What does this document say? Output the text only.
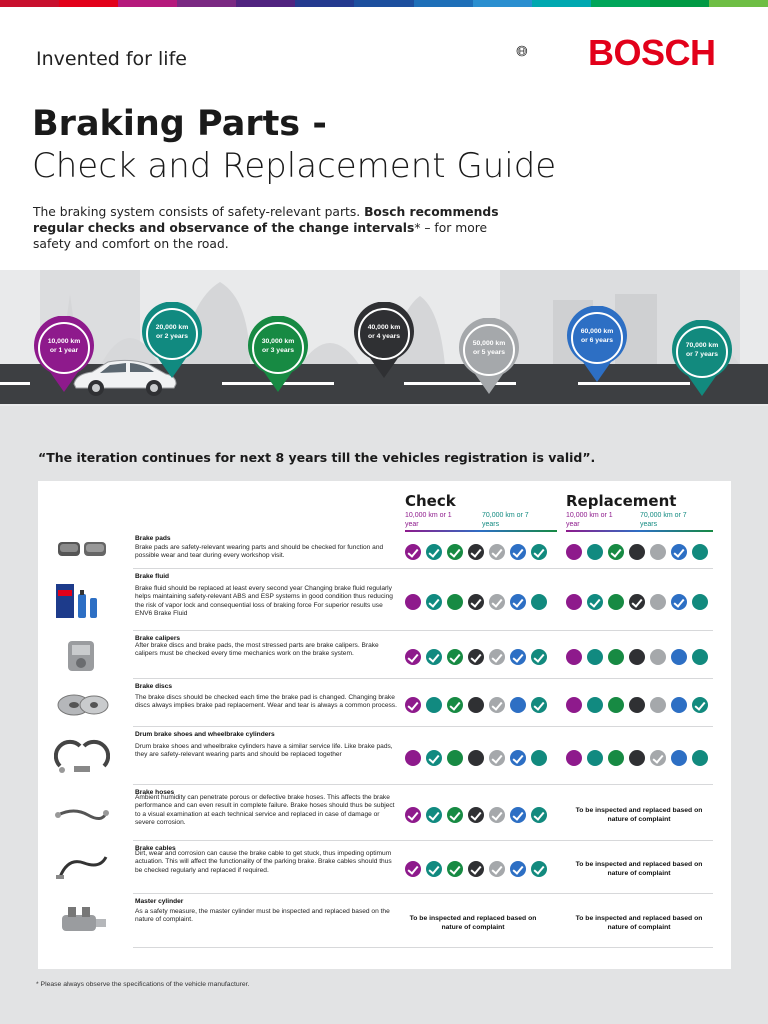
Invented for life	BOSCH
Braking Parts -
Check and Replacement Guide
The braking system consists of safety-relevant parts. Bosch recommends regular checks and observance of the change intervals* – for more safety and comfort on the road.
10,000 km
or 1 year
20,000 km
or 2 years
30,000 km
or 3 years
40,000 km
or 4 years
50,000 km
or 5 years
60,000 km
or 6 years
70,000 km
or 7 years
“The iteration continues for next 8 years till the vehicles registration is valid”.
Check
10,000 km or 1 year
70,000 km or 7 years
Replacement
10,000 km or 1 year
70,000 km or 7 years
Brake pads
Brake pads are safety-relevant wearing parts and should be checked for function and possible wear and tear during every workshop visit.
Brake fluid
Brake fluid should be replaced at least every second year Changing brake fluid regularly helps maintaining safety-relevant ABS and ESP systems in good condition thus reducing the risk of vapor lock and consequential loss of braking force For superior results use ENV6 Brake Fluid
Brake calipers
After brake discs and brake pads, the most stressed parts are brake calipers. Brake calipers must be checked every time mechanics work on the brake system.
Brake discs
The brake discs should be checked each time the brake pad is changed. Changing brake discs always implies brake pad replacement. Wear and tear is always a common process.
Drum brake shoes and wheelbrake cylinders
Drum brake shoes and wheelbrake cylinders have a similar service life. Like brake pads, they are safety-relevant wearing parts and should be replaced together
Brake hoses
Ambient humidity can penetrate porous or defective brake hoses. This affects the brake performance and can even result in complete failure. Brake hoses should thus be subject to a visual examination at each technical service and replaced in case of damage or severe corrosion.
To be inspected and replaced based on nature of complaint
Brake cables
Dirt, wear and corrosion can cause the brake cable to get stuck, thus impeding optimum actuation. This will affect the functionality of the parking brake. Brake cables should thus be checked regularly and replaced if required.
To be inspected and replaced based on nature of complaint
Master cylinder
As a safety measure, the master cylinder must be inspected and replaced based on the nature of complaint.	To be inspected and replaced based on nature of complaint
To be inspected and replaced based on nature of complaint
* Please always observe the specifications of the vehicle manufacturer.
